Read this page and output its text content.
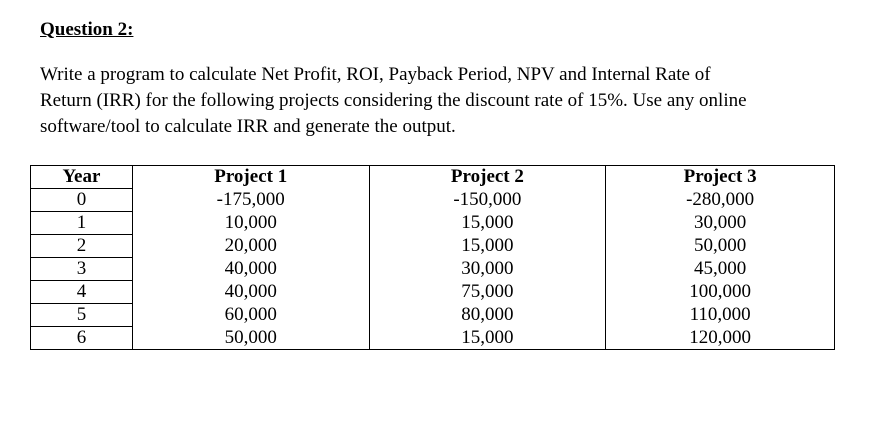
Question 2:
Write a program to calculate Net Profit, ROI, Payback Period, NPV and Internal Rate of
Return (IRR) for the following projects considering the discount rate of 15%. Use any online
software/tool to calculate IRR and generate the output.
Year	Project 1	Project 2	Project 3
0	-175,000	-150,000	-280,000
1	10,000	15,000	30,000
2	20,000	15,000	50,000
3	40,000	30,000	45,000
4	40,000	75,000	100,000
5	60,000	80,000	110,000
6	50,000	15,000	120,000
